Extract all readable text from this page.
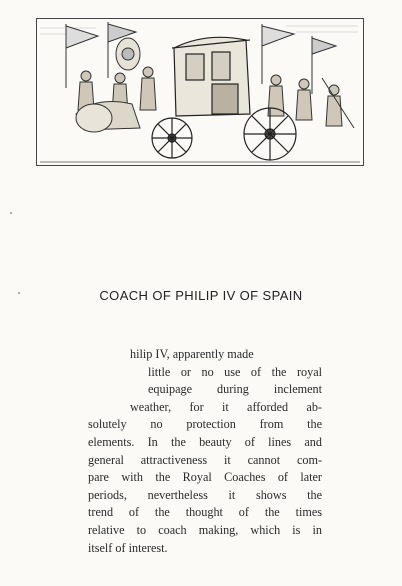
COACH OF PHILIP IV OF SPAIN
hilip IV, apparently made
little or no use of the royal
equipage during inclement
weather, for it afforded ab-
solutely no protection from the
elements. In the beauty of lines and
general attractiveness it cannot com-
pare with the Royal Coaches of later
periods, nevertheless it shows the
trend of the thought of the times
relative to coach making, which is in
itself of interest.
